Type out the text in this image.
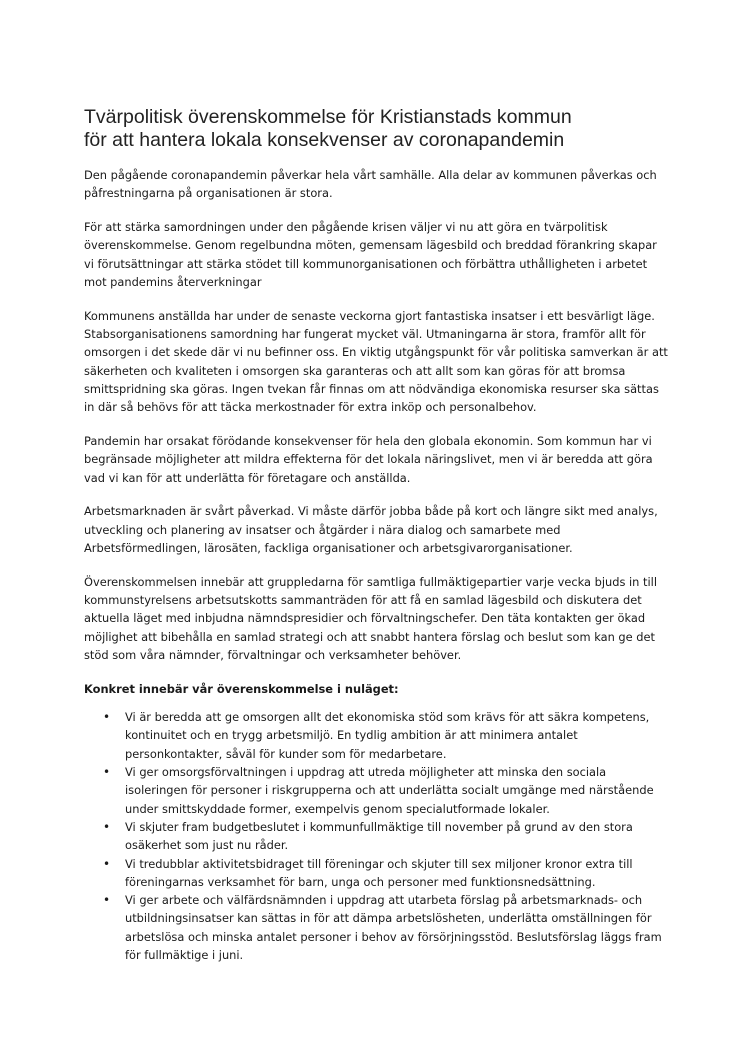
Tvärpolitisk överenskommelse för Kristianstads kommun
för att hantera lokala konsekvenser av coronapandemin

Den pågående coronapandemin påverkar hela vårt samhälle. Alla delar av kommunen påverkas och
påfrestningarna på organisationen är stora.

För att stärka samordningen under den pågående krisen väljer vi nu att göra en tvärpolitisk
överenskommelse. Genom regelbundna möten, gemensam lägesbild och breddad förankring skapar
vi förutsättningar att stärka stödet till kommunorganisationen och förbättra uthålligheten i arbetet
mot pandemins återverkningar

Kommunens anställda har under de senaste veckorna gjort fantastiska insatser i ett besvärligt läge.
Stabsorganisationens samordning har fungerat mycket väl. Utmaningarna är stora, framför allt för
omsorgen i det skede där vi nu befinner oss. En viktig utgångspunkt för vår politiska samverkan är att
säkerheten och kvaliteten i omsorgen ska garanteras och att allt som kan göras för att bromsa
smittspridning ska göras. Ingen tvekan får finnas om att nödvändiga ekonomiska resurser ska sättas
in där så behövs för att täcka merkostnader för extra inköp och personalbehov.

Pandemin har orsakat förödande konsekvenser för hela den globala ekonomin. Som kommun har vi
begränsade möjligheter att mildra effekterna för det lokala näringslivet, men vi är beredda att göra
vad vi kan för att underlätta för företagare och anställda.

Arbetsmarknaden är svårt påverkad. Vi måste därför jobba både på kort och längre sikt med analys,
utveckling och planering av insatser och åtgärder i nära dialog och samarbete med
Arbetsförmedlingen, lärosäten, fackliga organisationer och arbetsgivarorganisationer.

Överenskommelsen innebär att gruppledarna för samtliga fullmäktigepartier varje vecka bjuds in till
kommunstyrelsens arbetsutskotts sammanträden för att få en samlad lägesbild och diskutera det
aktuella läget med inbjudna nämndspresidier och förvaltningschefer. Den täta kontakten ger ökad
möjlighet att bibehålla en samlad strategi och att snabbt hantera förslag och beslut som kan ge det
stöd som våra nämnder, förvaltningar och verksamheter behöver.

Konkret innebär vår överenskommelse i nuläget:

• Vi är beredda att ge omsorgen allt det ekonomiska stöd som krävs för att säkra kompetens,
kontinuitet och en trygg arbetsmiljö. En tydlig ambition är att minimera antalet
personkontakter, såväl för kunder som för medarbetare.
• Vi ger omsorgsförvaltningen i uppdrag att utreda möjligheter att minska den sociala
isoleringen för personer i riskgrupperna och att underlätta socialt umgänge med närstående
under smittskyddade former, exempelvis genom specialutformade lokaler.
• Vi skjuter fram budgetbeslutet i kommunfullmäktige till november på grund av den stora
osäkerhet som just nu råder.
• Vi tredubblar aktivitetsbidraget till föreningar och skjuter till sex miljoner kronor extra till
föreningarnas verksamhet för barn, unga och personer med funktionsnedsättning.
• Vi ger arbete och välfärdsnämnden i uppdrag att utarbeta förslag på arbetsmarknads- och
utbildningsinsatser kan sättas in för att dämpa arbetslösheten, underlätta omställningen för
arbetslösa och minska antalet personer i behov av försörjningsstöd. Beslutsförslag läggs fram
för fullmäktige i juni.
